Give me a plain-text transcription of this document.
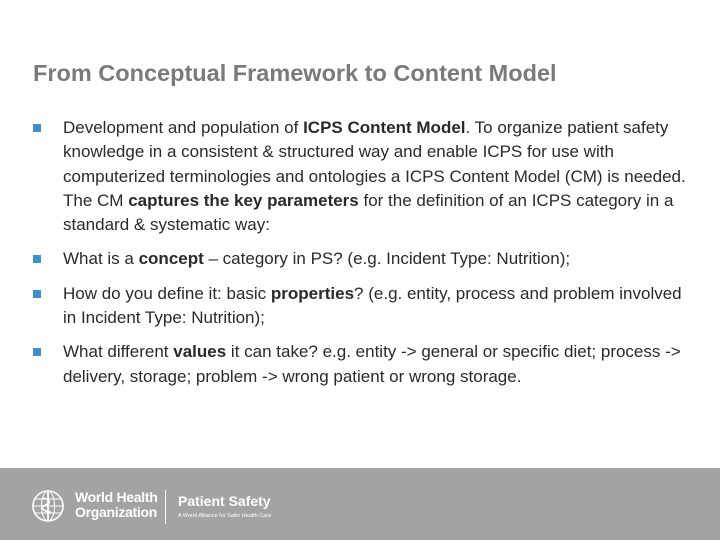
From Conceptual Framework to Content Model
Development and population of ICPS Content Model. To organize patient safety knowledge in a consistent & structured way and enable ICPS for use with computerized terminologies and ontologies a ICPS Content Model (CM) is needed. The CM captures the key parameters for the definition of an ICPS category in a standard & systematic way:
What is a concept – category in PS? (e.g. Incident Type: Nutrition);
How do you define it: basic properties? (e.g. entity, process and problem involved in Incident Type: Nutrition);
What different values it can take? e.g. entity -> general or specific diet; process -> delivery, storage; problem -> wrong patient or wrong storage.
World Health
Organization
Patient Safety
A World Alliance for Safer Health Care
